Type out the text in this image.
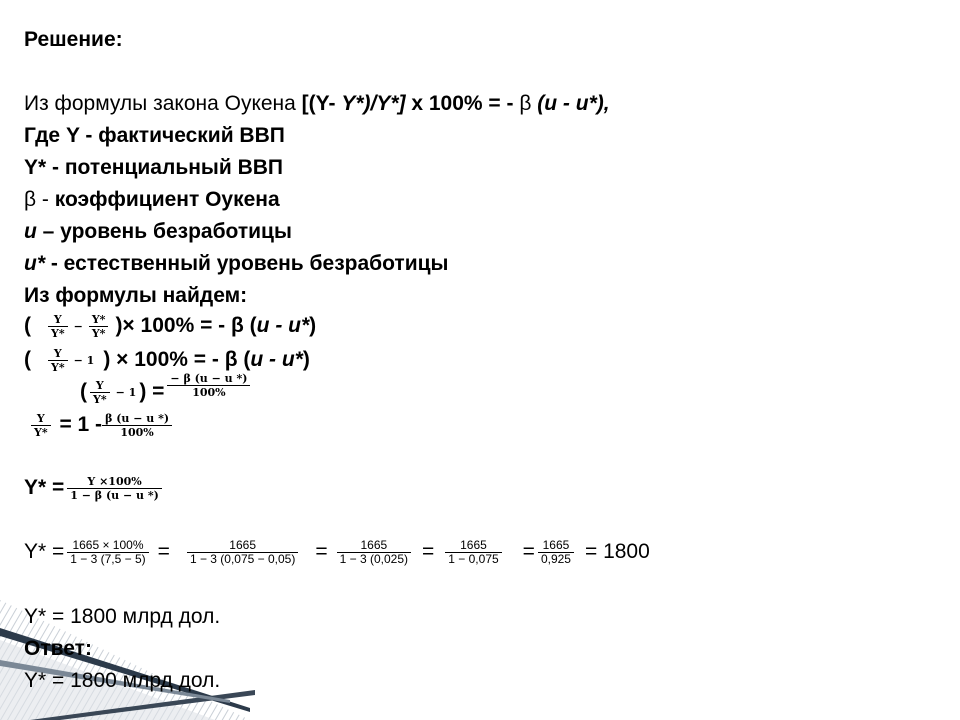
Решение:
Из формулы закона Оукена [(Y- Y*)/Y*] х 100% = - β (u - u*),
Где Y - фактический ВВП
Y* - потенциальный ВВП
β - коэффициент Оукена
u – уровень безработицы
u* - естественный уровень безработицы
Из формулы найдем:
( $\frac{Y}{Y*} - \frac{Y*}{Y*}$ )× 100% = - β (u - u*)
( $\frac{Y}{Y*} - 1$ ) × 100% = - β (u - u*)
( $\frac{Y}{Y*} - 1$ ) = $\frac{- \beta (u - u *)}{100\%}$
$\frac{Y}{Y*} = 1 - \frac{\beta (u - u *)}{100\%}$
$Y* = \frac{Y \times 100\%}{1 - \beta (u - u *)}$
$Y* = \frac{1665 \times 100\%}{1 - 3 (7,5 - 5)} = \frac{1665}{1 - 3 (0,075 - 0,05)} = \frac{1665}{1 - 3 (0,025)} = \frac{1665}{1 - 0,075} = \frac{1665}{0,925} = 1800$
Y* = 1800 млрд дол.
Ответ:
Y* = 1800 млрд дол.
